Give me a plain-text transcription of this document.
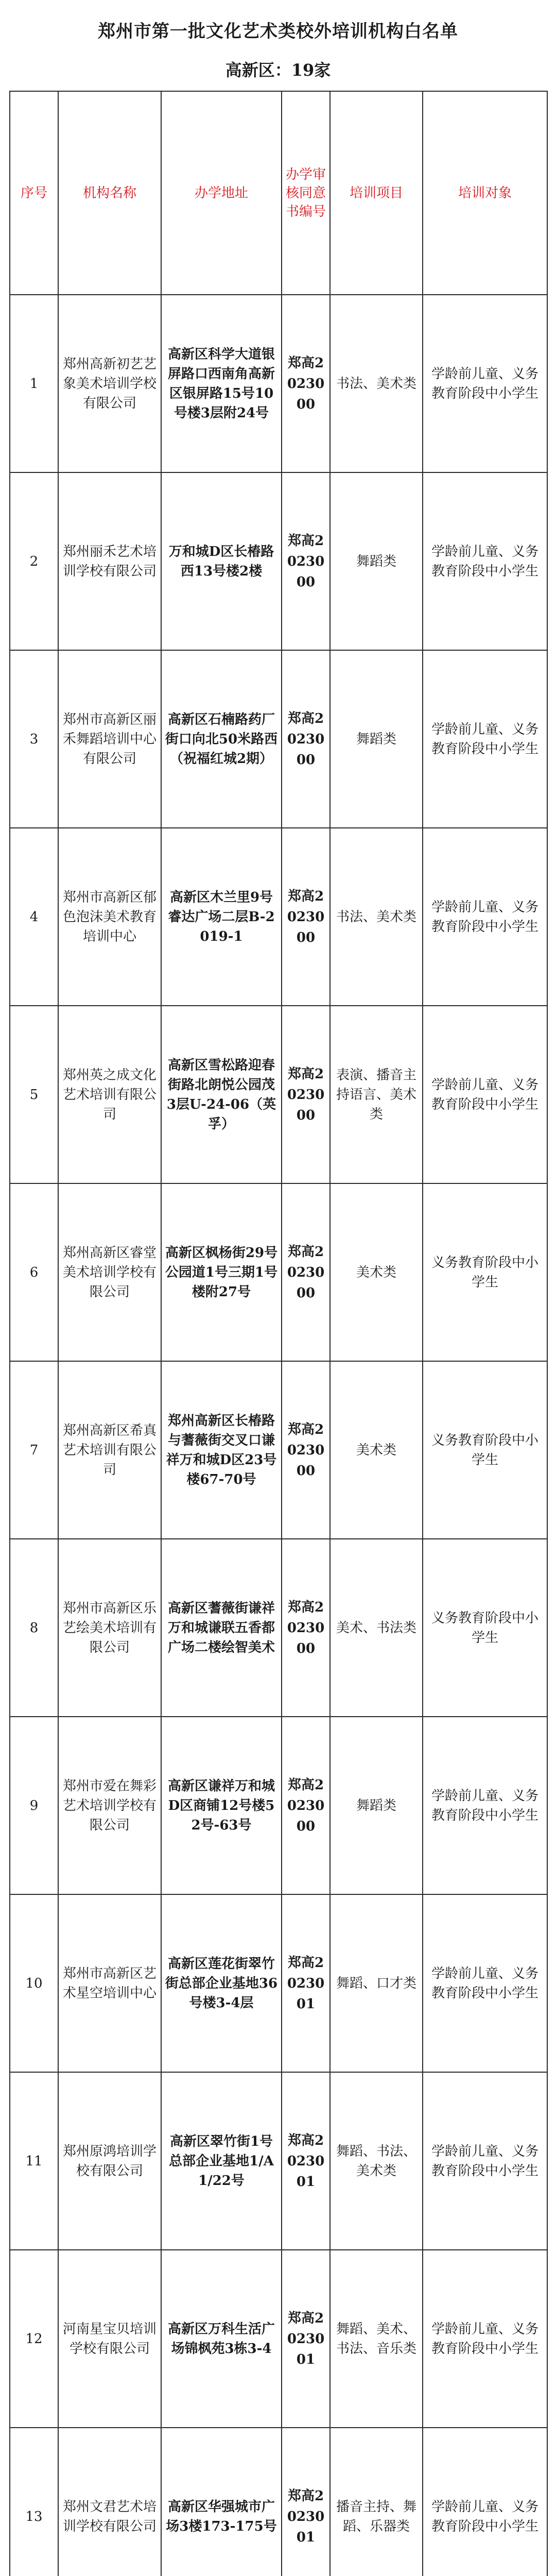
郑州市第一批文化艺术类校外培训机构白名单
高新区：19家
序号	机构名称	办学地址	办学审核同意书编号	培训项目	培训对象
1	郑州高新初艺艺象美术培训学校有限公司	高新区科学大道银屏路口西南角高新区银屏路15号10号楼3层附24号	郑高2023000	书法、美术类	学龄前儿童、义务教育阶段中小学生
2	郑州丽禾艺术培训学校有限公司	万和城D区长椿路西13号楼2楼	郑高2023000	舞蹈类	学龄前儿童、义务教育阶段中小学生
3	郑州市高新区丽禾舞蹈培训中心有限公司	高新区石楠路药厂街口向北50米路西（祝福红城2期）	郑高2023000	舞蹈类	学龄前儿童、义务教育阶段中小学生
4	郑州市高新区郁色泡沫美术教育培训中心	高新区木兰里9号睿达广场二层B-2019-1	郑高2023000	书法、美术类	学龄前儿童、义务教育阶段中小学生
5	郑州英之成文化艺术培训有限公司	高新区雪松路迎春街路北朗悦公园茂3层U-24-06（英孚）	郑高2023000	表演、播音主持语言、美术类	学龄前儿童、义务教育阶段中小学生
6	郑州高新区睿堂美术培训学校有限公司	高新区枫杨街29号公园道1号三期1号楼附27号	郑高2023000	美术类	义务教育阶段中小学生
7	郑州高新区希真艺术培训有限公司	郑州高新区长椿路与蓍薇街交叉口谦祥万和城D区23号楼67-70号	郑高2023000	美术类	义务教育阶段中小学生
8	郑州市高新区乐艺绘美术培训有限公司	高新区蓍薇街谦祥万和城谦联五香都广场二楼绘智美术	郑高2023000	美术、书法类	义务教育阶段中小学生
9	郑州市爱在舞彩艺术培训学校有限公司	高新区谦祥万和城D区商铺12号楼52号-63号	郑高2023000	舞蹈类	学龄前儿童、义务教育阶段中小学生
10	郑州市高新区艺术星空培训中心	高新区莲花街翠竹街总部企业基地36号楼3-4层	郑高2023001	舞蹈、口才类	学龄前儿童、义务教育阶段中小学生
11	郑州原鸿培训学校有限公司	高新区翠竹街1号总部企业基地1/A1/22号	郑高2023001	舞蹈、书法、美术类	学龄前儿童、义务教育阶段中小学生
12	河南星宝贝培训学校有限公司	高新区万科生活广场锦枫苑3栋3-4	郑高2023001	舞蹈、美术、书法、音乐类	学龄前儿童、义务教育阶段中小学生
13	郑州文君艺术培训学校有限公司	高新区华强城市广场3楼173-175号	郑高2023001	播音主持、舞蹈、乐器类	学龄前儿童、义务教育阶段中小学生
